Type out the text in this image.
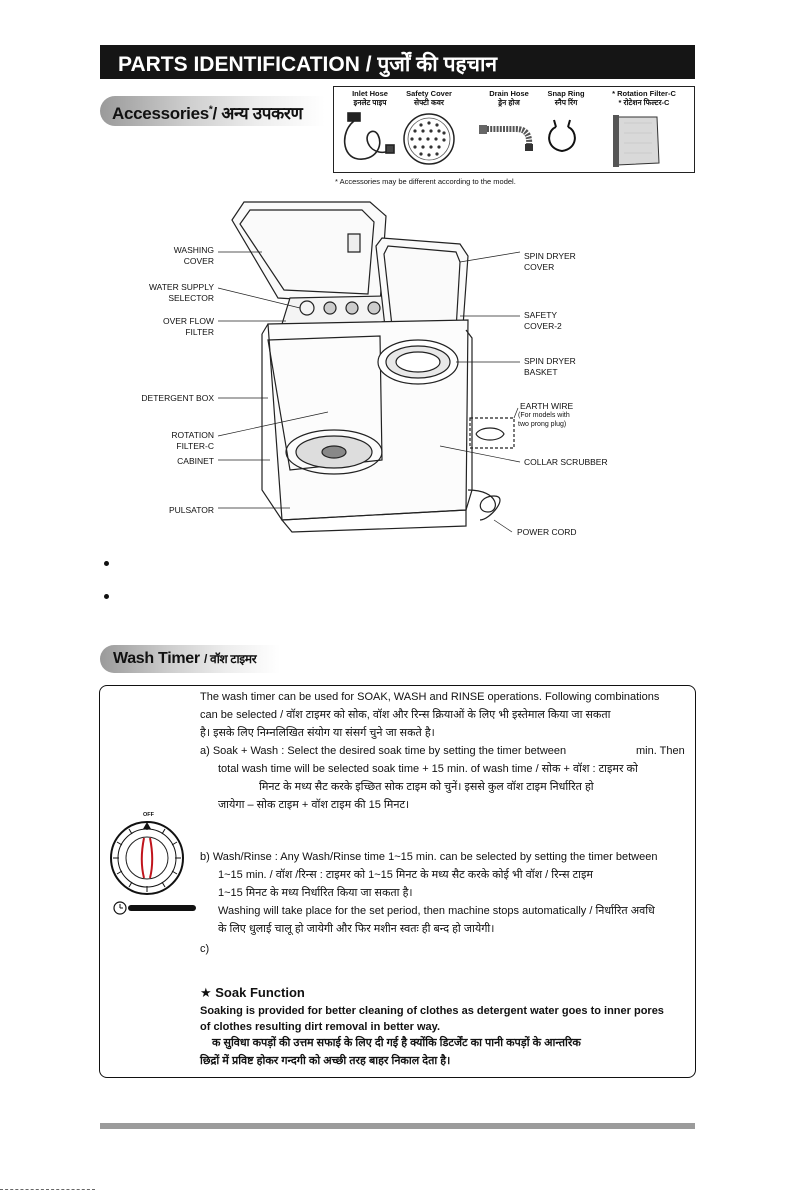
PARTS IDENTIFICATION / पुर्जों की पहचान
Accessories*/ अन्य उपकरण
Inlet Hose
इनलेट पाइप
Safety Cover
सेफ्टी कवर
Drain Hose
ड्रेन होज
Snap Ring
स्नैप रिंग
* Rotation Filter-C
* रोटेशन फिल्टर-C
* Accessories may be different according to the model.
WASHING
COVER
WATER SUPPLY
SELECTOR
OVER FLOW
FILTER
DETERGENT BOX
ROTATION
FILTER-C
CABINET
PULSATOR
SPIN DRYER
COVER
SAFETY
COVER-2
SPIN DRYER
BASKET
EARTH WIRE
(For models with
two prong plug)
COLLAR SCRUBBER
POWER CORD
Wash Timer / वॉश टाइमर
OFF
The wash timer can be used for SOAK, WASH and RINSE operations. Following combinations
can be selected / वॉश टाइमर को सोक, वॉश और रिन्स क्रियाओं के लिए भी इस्तेमाल किया जा सकता
है। इसके लिए निम्नलिखित संयोग या संसर्ग चुने जा सकते है।
a) Soak + Wash : Select the desired soak time by setting the timer between	min. Then
total wash time will be selected soak time + 15 min. of wash time / सोक + वॉश : टाइमर को
मिनट के मध्य सैट करके इच्छित सोक टाइम को चुनें। इससे कुल वॉश टाइम निर्धारित हो
जायेगा – सोक टाइम + वॉश टाइम की 15 मिनट।
b) Wash/Rinse : Any Wash/Rinse time 1~15 min. can be selected by setting the timer between
1~15 min. / वॉश /रिन्स : टाइमर को 1~15 मिनट के मध्य सैट करके कोई भी वॉश / रिन्स टाइम
1~15 मिनट के मध्य निर्धारित किया जा सकता है।
Washing will take place for the set period, then machine stops automatically / निर्धारित अवधि
के लिए धुलाई चालू हो जायेगी और फिर मशीन स्वतः ही बन्द हो जायेगी।
c)
★ Soak Function
Soaking is provided for better cleaning of clothes as detergent water goes to inner pores
of clothes resulting dirt removal in better way.
क सुविधा कपड़ों की उत्तम सफाई के लिए दी गई है क्योंकि डिटर्जेंट का पानी कपड़ों के आन्तरिक
छिद्रों में प्रविष्ट होकर गन्दगी को अच्छी तरह बाहर निकाल देता है।
